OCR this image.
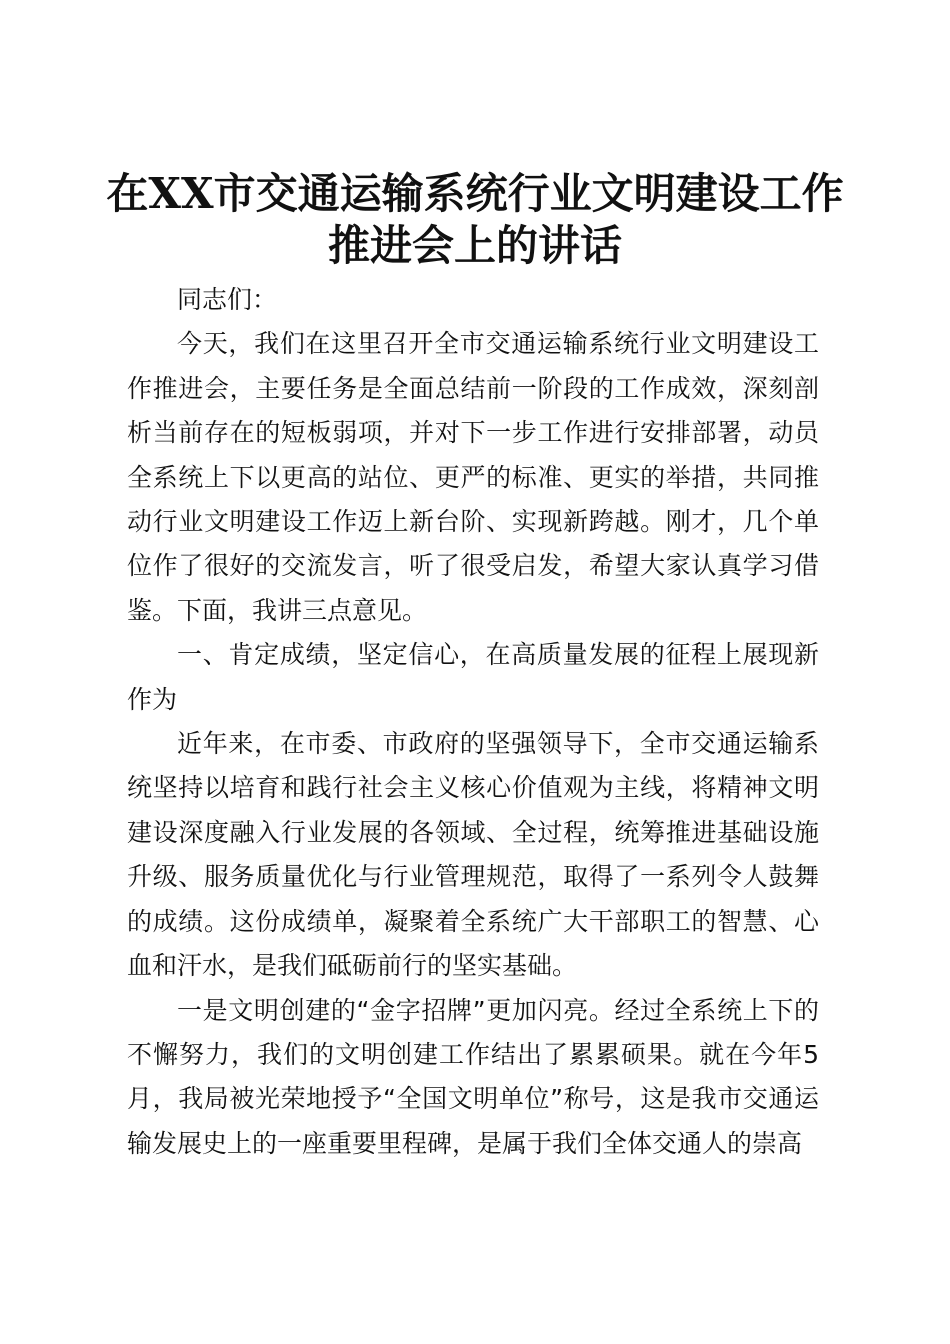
在XX市交通运输系统行业文明建设工作推进会上的讲话

同志们：

今天，我们在这里召开全市交通运输系统行业文明建设工作推进会，主要任务是全面总结前一阶段的工作成效，深刻剖析当前存在的短板弱项，并对下一步工作进行安排部署，动员全系统上下以更高的站位、更严的标准、更实的举措，共同推动行业文明建设工作迈上新台阶、实现新跨越。刚才，几个单位作了很好的交流发言，听了很受启发，希望大家认真学习借鉴。下面，我讲三点意见。

一、肯定成绩，坚定信心，在高质量发展的征程上展现新作为

近年来，在市委、市政府的坚强领导下，全市交通运输系统坚持以培育和践行社会主义核心价值观为主线，将精神文明建设深度融入行业发展的各领域、全过程，统筹推进基础设施升级、服务质量优化与行业管理规范，取得了一系列令人鼓舞的成绩。这份成绩单，凝聚着全系统广大干部职工的智慧、心血和汗水，是我们砥砺前行的坚实基础。

一是文明创建的“金字招牌”更加闪亮。经过全系统上下的不懈努力，我们的文明创建工作结出了累累硕果。就在今年5月，我局被光荣地授予“全国文明单位”称号，这是我市交通运输发展史上的一座重要里程碑，是属于我们全体交通人的崇高
